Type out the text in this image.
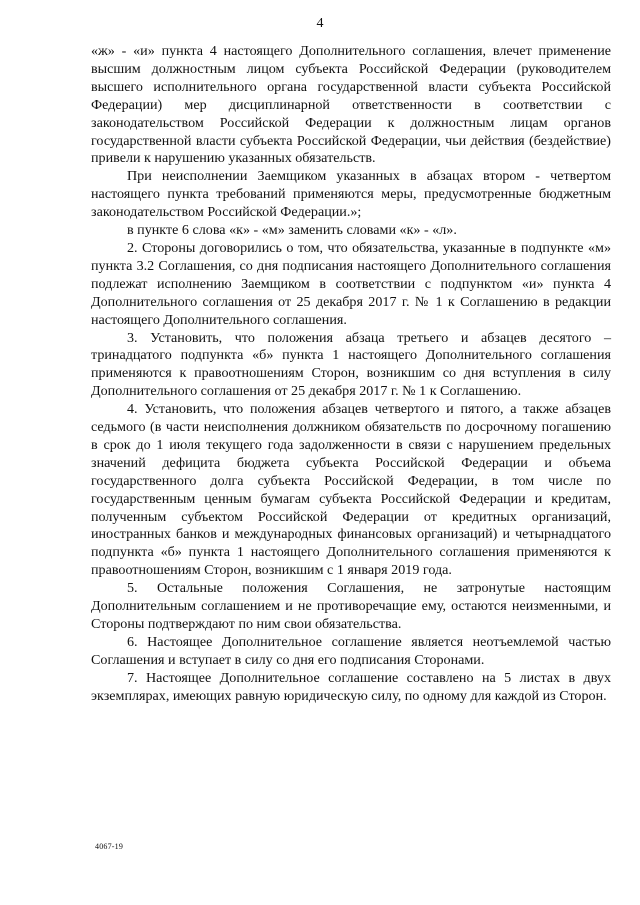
4

«ж» - «и» пункта 4 настоящего Дополнительного соглашения, влечет применение высшим должностным лицом субъекта Российской Федерации (руководителем высшего исполнительного органа государственной власти субъекта Российской Федерации) мер дисциплинарной ответственности в соответствии с законодательством Российской Федерации к должностным лицам органов государственной власти субъекта Российской Федерации, чьи действия (бездействие) привели к нарушению указанных обязательств.

При неисполнении Заемщиком указанных в абзацах втором - четвертом настоящего пункта требований применяются меры, предусмотренные бюджетным законодательством Российской Федерации.»;

в пункте 6 слова «к» - «м» заменить словами «к» - «л».

2. Стороны договорились о том, что обязательства, указанные в подпункте «м» пункта 3.2 Соглашения, со дня подписания настоящего Дополнительного соглашения подлежат исполнению Заемщиком в соответствии с подпунктом «и» пункта 4 Дополнительного соглашения от 25 декабря 2017 г. № 1 к Соглашению в редакции настоящего Дополнительного соглашения.

3. Установить, что положения абзаца третьего и абзацев десятого – тринадцатого подпункта «б» пункта 1 настоящего Дополнительного соглашения применяются к правоотношениям Сторон, возникшим со дня вступления в силу Дополнительного соглашения от 25 декабря 2017 г. № 1 к Соглашению.

4. Установить, что положения абзацев четвертого и пятого, а также абзацев седьмого (в части неисполнения должником обязательств по досрочному погашению в срок до 1 июля текущего года задолженности в связи с нарушением предельных значений дефицита бюджета субъекта Российской Федерации и объема государственного долга субъекта Российской Федерации, в том числе по государственным ценным бумагам субъекта Российской Федерации и кредитам, полученным субъектом Российской Федерации от кредитных организаций, иностранных банков и международных финансовых организаций) и четырнадцатого подпункта «б» пункта 1 настоящего Дополнительного соглашения применяются к правоотношениям Сторон, возникшим с 1 января 2019 года.

5. Остальные положения Соглашения, не затронутые настоящим Дополнительным соглашением и не противоречащие ему, остаются неизменными, и Стороны подтверждают по ним свои обязательства.

6. Настоящее Дополнительное соглашение является неотъемлемой частью Соглашения и вступает в силу со дня его подписания Сторонами.

7. Настоящее Дополнительное соглашение составлено на 5 листах в двух экземплярах, имеющих равную юридическую силу, по одному для каждой из Сторон.

4067-19
